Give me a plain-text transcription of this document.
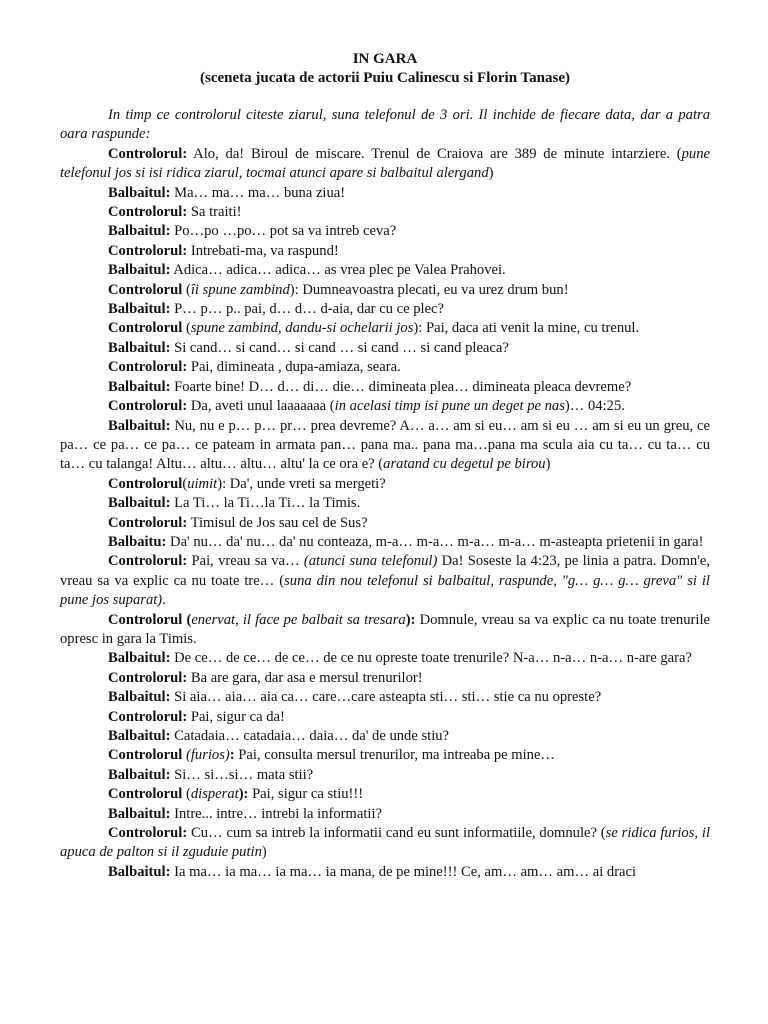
IN GARA
(sceneta jucata de actorii Puiu Calinescu si Florin Tanase)

In timp ce controlorul citeste ziarul, suna telefonul de 3 ori. Il inchide de fiecare data, dar a patra oara raspunde:

Controlorul: Alo, da! Biroul de miscare. Trenul de Craiova are 389 de minute intarziere. (pune telefonul jos si isi ridica ziarul, tocmai atunci apare si balbaitul alergand)

Balbaitul: Ma… ma… ma… buna ziua!

Controlorul: Sa traiti!

Balbaitul: Po…po …po… pot sa va intreb ceva?

Controlorul: Intrebati-ma, va raspund!

Balbaitul: Adica… adica… adica… as vrea plec pe Valea Prahovei.

Controlorul (îi spune zambind): Dumneavoastra plecati, eu va urez drum bun!

Balbaitul: P… p… p.. pai, d… d… d-aia, dar cu ce plec?

Controlorul (spune zambind, dandu-si ochelarii jos): Pai, daca ati venit la mine, cu trenul.

Balbaitul: Si cand… si cand… si cand … si cand … si cand pleaca?

Controlorul: Pai, dimineata , dupa-amiaza, seara.

Balbaitul: Foarte bine! D… d… di… die… dimineata plea… dimineata pleaca devreme?

Controlorul: Da, aveti unul laaaaaaa (in acelasi timp isi pune un deget pe nas)… 04:25.

Balbaitul: Nu, nu e p… p… pr… prea devreme? A… a… am si eu… am si eu … am si eu un greu, ce pa… ce pa… ce pa… ce pateam in armata pan… pana ma.. pana ma…pana ma scula aia cu ta… cu ta… cu ta… cu talanga! Altu… altu… altu… altu' la ce ora e? (aratand cu degetul pe birou)

Controlorul(uimit): Da', unde vreti sa mergeti?

Balbaitul: La Ti… la Ti…la Ti… la Timis.

Controlorul: Timisul de Jos sau cel de Sus?

Balbaitu: Da' nu… da' nu… da' nu conteaza, m-a… m-a… m-a… m-a… m-asteapta prietenii in gara!

Controlorul: Pai, vreau sa va… (atunci suna telefonul) Da! Soseste la 4:23, pe linia a patra. Domn'e, vreau sa va explic ca nu toate tre… (suna din nou telefonul si balbaitul, raspunde, "g… g… g… greva" si il pune jos suparat).

Controlorul (enervat, il face pe balbait sa tresara): Domnule, vreau sa va explic ca nu toate trenurile opresc in gara la Timis.

Balbaitul: De ce… de ce… de ce… de ce nu opreste toate trenurile? N-a… n-a… n-a… n-are gara?

Controlorul: Ba are gara, dar asa e mersul trenurilor!

Balbaitul: Si aia… aia… aia ca… care…care asteapta sti… sti… stie ca nu opreste?

Controlorul: Pai, sigur ca da!

Balbaitul: Catadaia… catadaia… daia… da' de unde stiu?

Controlorul (furios): Pai, consulta mersul trenurilor, ma intreaba pe mine…

Balbaitul: Si… si…si… mata stii?

Controlorul (disperat): Pai, sigur ca stiu!!!

Balbaitul: Intre... intre… intrebi la informatii?

Controlorul: Cu… cum sa intreb la informatii cand eu sunt informatiile, domnule? (se ridica furios, il apuca de palton si il zguduie putin)

Balbaitul: Ia ma… ia ma… ia ma… ia mana, de pe mine!!! Ce, am… am… am… ai draci
